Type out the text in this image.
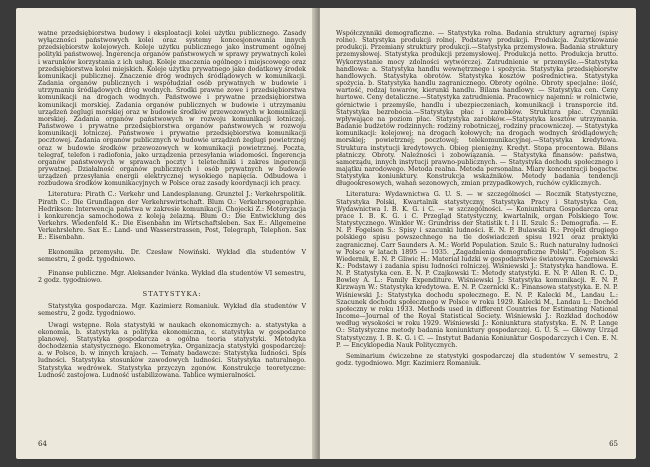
watne przedsiębiorstwa budowy i eksploatacji kolei użytku publicznego. Zasady wyłączności państwowych kolei oraz systemy koncesjonowania innych przedsiębiorstw kolejowych. Koleje użytku publicznego jako instrument ogólnej polityki państwowej. Ingerencja organów państwowych w sprawy prywatnych kolei i warunków korzystania z ich usług. Koleje znaczenia ogólnego i miejscowego oraz przedsiębiorstwa kolei miejskich. Koleje użytku prywatnego jako dodatkowy środek komunikacji publicznej. Znaczenie dróg wodnych śródlądowych w komunikacji. Zadania organów publicznych i współudział osób prywatnych w budowie i utrzymaniu śródlądowych dróg wodnych. Środki prawne zowe i przedsiębiorstwa komunikacji na drogach wodnych. Państwowe i prywatne przedsiębiorstwa komunikacji morskiej. Zadania organów publicznych w budowie i utrzymaniu urządzeń żeglugi morskiej oraz w budowie środków przewozowych w komunikacji morskiej. Zadania organów państwowych w rozwoju komunikacji lotniczej. Państwowe i prywatne przedsiębiorstwa organów państwowych w rozwoju komunikacji lotniczej. Państwowe i prywatne przedsiębiorstwa komunikacji pocztowej. Zadania organów publicznych w budowie urządzeń żeglugi powietrznej oraz w budowie środków przewozowych w komunikacji powietrznej. Poczta, telegraf, telefon i radiofonia, jako urządzenia przesyłania wiadomości. Ingerencja organów państwowych w sprawach poczty i teletechniki i zakres ingerencji prywatnej. Działalność organów publicznych i osób prywatnych w budowie urządzeń przesyłania energii elektrycznej wysokiego napięcia. Odbudowa i rozbudowa środków komunikacyjnych w Polsce oraz zasady koordynacji ich pracy.

Literatura: Pirath C.: Verkehr und Landesplanung. Grunztel J.: Verkehrspolitik. Pirath C.: Die Grundlagen der Verkehrswirtschaft. Blum O.: Verkehrsgeographie. Hedrikson: Interwencja państwa w zakresie komunikacji. Chojecki Z.: Motoryzacja i konkurencja samochodowa z koleją żelazną. Blum O.: Die Entwicklung des Verkehrs. Wiedenfeld K.: Die Eisenbahn im Wirtschaftsleben. Sax E.: Allgemeine Verkehrslehre. Sax E.: Land- und Wasserstrassen, Post, Telegraph, Telephon. Sax E.: Eisenbahn.

Ekonomika przemysłu. Dr. Czesław Nowiński. Wykład dla studentów V semestru, 2 godz. tygodniowo.

Finanse publiczne. Mgr. Aleksander Ivánka. Wykład dla studentów VI semestru, 2 godz. tygodniowo.

STATYSTYKA:

Statystyka gospodarcza. Mgr. Kazimierz Romaniuk. Wykład dla studentów V semestru, 2 godz. tygodniowo.

Uwagi wstępne. Rola statystyki w naukach ekonomicznych: a. statystyka a ekonomia, b. statystyka a polityka ekonomiczna, c. statystyka w gospodarce planowej. Statystyka gospodarcza a ogólna teoria statystyki. Metodyka dochodzenia statystycznego. Ekonometryka. Organizacja statystyki gospodarczej: a. w Polsce, b. w innych krajach. — Tematy badawcze: Statystyka ludności. Spis ludności. Statystyka stosunków zawodowych ludności. Statystyka naturalnego. Statystyka wędrówek. Statystyka przyczyn zgonów. Konstrukcje teoretyczne: Ludność zastojowa. Ludność ustabilizowana. Tablice wymieralności.

64

Współczynniki demograficzne. — Statystyka rolna. Badania struktury agrarnej (spisy rolne). Statystyka produkcji rolnej. Podstawy produkcji. Produkcja. Zużytkowanie produkcji. Przemiany struktury produkcji.—Statystyka przemysłowa. Badania struktury przemysłowej. Statystyka produkcji przemysłowej. Produkcja netto. Produkcja brutto. Wykorzystanie mocy zdolności wytwórczej. Zatrudnienie w przemyśle.—Statystyka handlowa: a. Statystyka handlu wewnętrznego i spożycia. Statystyka przedsiębiorstw handlowych. Statystyka obrotów. Statystyka kosztów pośrednictwa. Statystyka spożycia. b. Statystyka handlu zagranicznego. Obroty ogólne. Obroty specjalne: ilość, wartość, rodzaj towarów, kierunki handlu. Bilans handlowy. — Statystyka cen. Ceny hurtowe. Ceny detaliczne.—Statystyka zatrudnienia. Pracownicy najemni: w rolnictwie, górnictwie i przemyśle, handlu i ubezpieczeniach, komunikacji i transporcie itd. Statystyka bezrobocia.—Statystyka płac i zarobków. Struktura płac. Czynniki wpływające na poziom płac. Statystyka zarobków.—Statystyka kosztów utrzymania. Badanie budżetów rodzinnych: rodziny robotniczej, rodziny pracowniczej. — Statystyka komunikacji: kolejowej; na drogach kołowych; na drogach wodnych śródlądowych; morskiej; powietrznej; pocztowej; telekomunikacyjnej.—Statystyka kredytowa. Struktura instytucji kredytowych. Obieg pieniężny. Kredyt. Stopa procentowa. Bilans płatniczy. Obroty. Należności i zobowiązania. — Statystyka finansów: państwa, samorządu, innych instytucji prawno-publicznych. — Statystyka dochodu społecznego i majątku narodowego. Metoda realna. Metoda personalna. Miary koncentracji bogactw. Statystyka koniunktury. Konstrukcja wskaźników. Metody badania tendencji długookresowych, wahań sezonowych, zmian przypadkowych, ruchów cyklicznych.

Literatura: Wydawnictwa G. U. S. — w szczególności — Rocznik Statystyczne, Statystyka Polski, Kwartalnik statystyczny, Statystyka Pracy i Statystyka Cen, Wydawnictwa I. B. K. G. i C. — w szczególności. — Koniunktura Gospodarcza oraz prace I. B. K. G. i C. Przegląd Statystyczny, kwartalnik, organ Polskiego Tow. Statystycznego. Winkler W.: Grundriss der Statistik t. I i II. Szulc S.: Demografia. — E. N. P. Fogelson S.: Spisy i szacunki ludności. E. N. P. Bulawski R.: Projekt drugiego polskiego spisu powszechnego na tle doświadczeń spisu 1921 oraz praktyki zagranicznej. Carr Saunders A. M.: World Population. Szulc S.: Ruch naturalny ludności w Polsce w latach 1895 — 1935. „Zagadnienia demograficzne Polski”. Fogelson S.: Wiedernik, E. N. P. Gliwic H.: Materiał ludzki w gospodarstwie światowym. Czerniewski K.: Podstawy i zadania spisu ludności rolniczej. Wiśniewski J.: Statystyka handlowa. E. N. P. Statystyka cen. E. N. P. Czajkowski T.: Metody statystyki. E. N. P. Allen R. C. D., Bowley A. L.: Family Expenditure. Wiśniewski J.: Statystyka komunikacji. E. N. P. Kirzwayn W.: Statystyka kredytowa. E. N. P. Czernicki K.: Finansowa statystyka. E. N. P. Wiśniewski J.: Statystyka dochodu społecznego. E. N. P. Kalecki M., Landau L.: Szacunek dochodu społecznego w Polsce w roku 1929. Kalecki M., Landau L.: Dochód społeczny w roku 1933. Methods used in different Countries for Estimating National Income—Journal of the Royal Statistical Society. Wiśniewski J.: Rozkład dochodów według wysokości w roku 1929. Wiśniewski J.: Koniunktura statystyka. E. N. P. Lange O.: Statystyczne metody badania koniunktury gospodarczej. G. U. S. — Główny Urząd Statystyczny. I. B. K. G. i C. — Instytut Badania Koniunktur Gospodarczych i Cen. E. N. P. — Encyklopedia Nauk Politycznych.

Seminarium ćwiczebne ze statystyki gospodarczej dla studentów V semestru, 2 godz. tygodniowo. Mgr. Kazimierz Romaniuk.

65
